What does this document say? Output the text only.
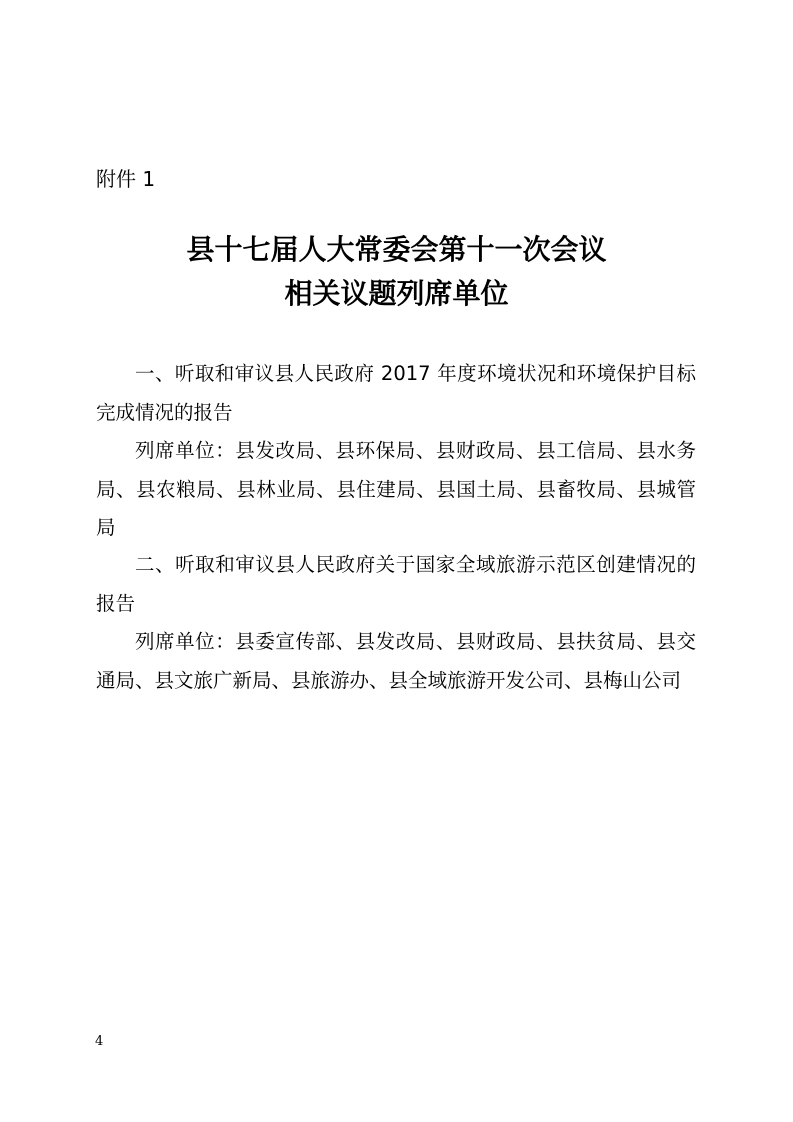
附件 1
县十七届人大常委会第十一次会议
相关议题列席单位

一、听取和审议县人民政府 2017 年度环境状况和环境保护目标完成情况的报告

列席单位：县发改局、县环保局、县财政局、县工信局、县水务局、县农粮局、县林业局、县住建局、县国土局、县畜牧局、县城管局

二、听取和审议县人民政府关于国家全域旅游示范区创建情况的报告

列席单位：县委宣传部、县发改局、县财政局、县扶贫局、县交通局、县文旅广新局、县旅游办、县全域旅游开发公司、县梅山公司

4
